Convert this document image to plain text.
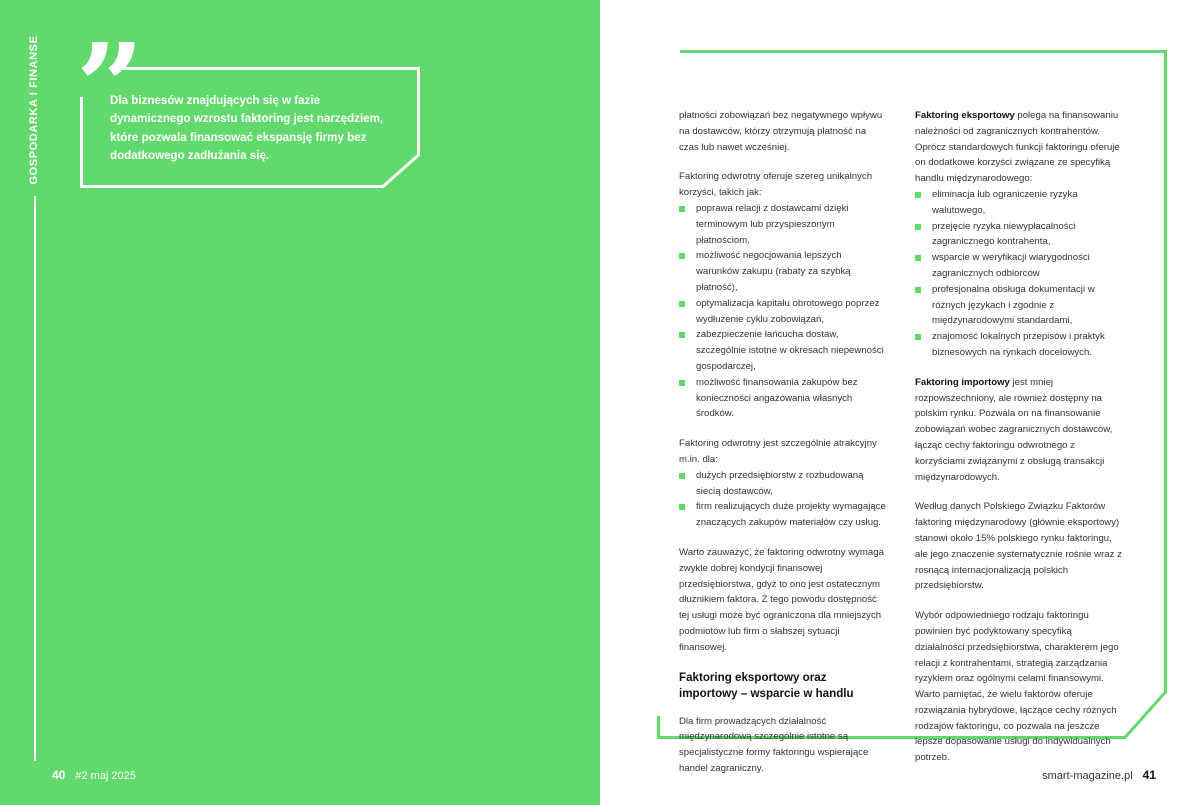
GOSPODARKA I FINANSE ”
Dla biznesów znajdujących się w fazie dynamicznego wzrostu faktoring jest narzędziem, które pozwala finansować ekspansję firmy bez dodatkowego zadłużania się.
40 #2 maj 2025

płatności zobowiązań bez negatywnego wpływu na dostawców, którzy otrzymują płatność na czas lub nawet wcześniej.

Faktoring odwrotny oferuje szereg unikalnych korzyści, takich jak:

poprawa relacji z dostawcami dzięki terminowym lub przyspieszonym płatnościom,
możliwość negocjowania lepszych warunków zakupu (rabaty za szybką płatność),
optymalizacja kapitału obrotowego poprzez wydłużenie cyklu zobowiązań,
zabezpieczenie łańcucha dostaw, szczególnie istotne w okresach niepewności gospodarczej,
możliwość finansowania zakupów bez konieczności angażowania własnych środków.

Faktoring odwrotny jest szczególnie atrakcyjny m.in. dla:

dużych przedsiębiorstw z rozbudowaną siecią dostawców,
firm realizujących duże projekty wymagające znaczących zakupów materiałów czy usług.

Warto zauważyć, że faktoring odwrotny wymaga zwykle dobrej kondycji finansowej przedsiębiorstwa, gdyż to ono jest ostatecznym dłużnikiem faktora. Z tego powodu dostępność tej usługi może być ograniczona dla mniejszych podmiotów lub firm o słabszej sytuacji finansowej.

Faktoring eksportowy oraz importowy – wsparcie w handlu

Dla firm prowadzących działalność międzynarodową szczególnie istotne są specjalistyczne formy faktoringu wspierające handel zagraniczny.

Faktoring eksportowy polega na finansowaniu należności od zagranicznych kontrahentów. Oprócz standardowych funkcji faktoringu oferuje on dodatkowe korzyści związane ze specyfiką handlu międzynarodowego:

eliminacja lub ograniczenie ryzyka walutowego,
przejęcie ryzyka niewypłacalności zagranicznego kontrahenta,
wsparcie w weryfikacji wiarygodności zagranicznych odbiorców
profesjonalna obsługa dokumentacji w różnych językach i zgodnie z międzynarodowymi standardami,
znajomość lokalnych przepisów i praktyk biznesowych na rynkach docelowych.

Faktoring importowy jest mniej rozpowszechniony, ale również dostępny na polskim rynku. Pozwala on na finansowanie zobowiązań wobec zagranicznych dostawców, łącząc cechy faktoringu odwrotnego z korzyściami związanymi z obsługą transakcji międzynarodowych.

Według danych Polskiego Związku Faktorów faktoring międzynarodowy (głównie eksportowy) stanowi około 15% polskiego rynku faktoringu, ale jego znaczenie systematycznie rośnie wraz z rosnącą internacjonalizacją polskich przedsiębiorstw.

Wybór odpowiedniego rodzaju faktoringu powinien być podyktowany specyfiką działalności przedsiębiorstwa, charakterem jego relacji z kontrahentami, strategią zarządzania ryzykiem oraz ogólnymi celami finansowymi. Warto pamiętać, że wielu faktorów oferuje rozwiązania hybrydowe, łączące cechy różnych rodzajów faktoringu, co pozwala na jeszcze lepsze dopasowanie usługi do indywidualnych potrzeb.

smart-magazine.pl 41
